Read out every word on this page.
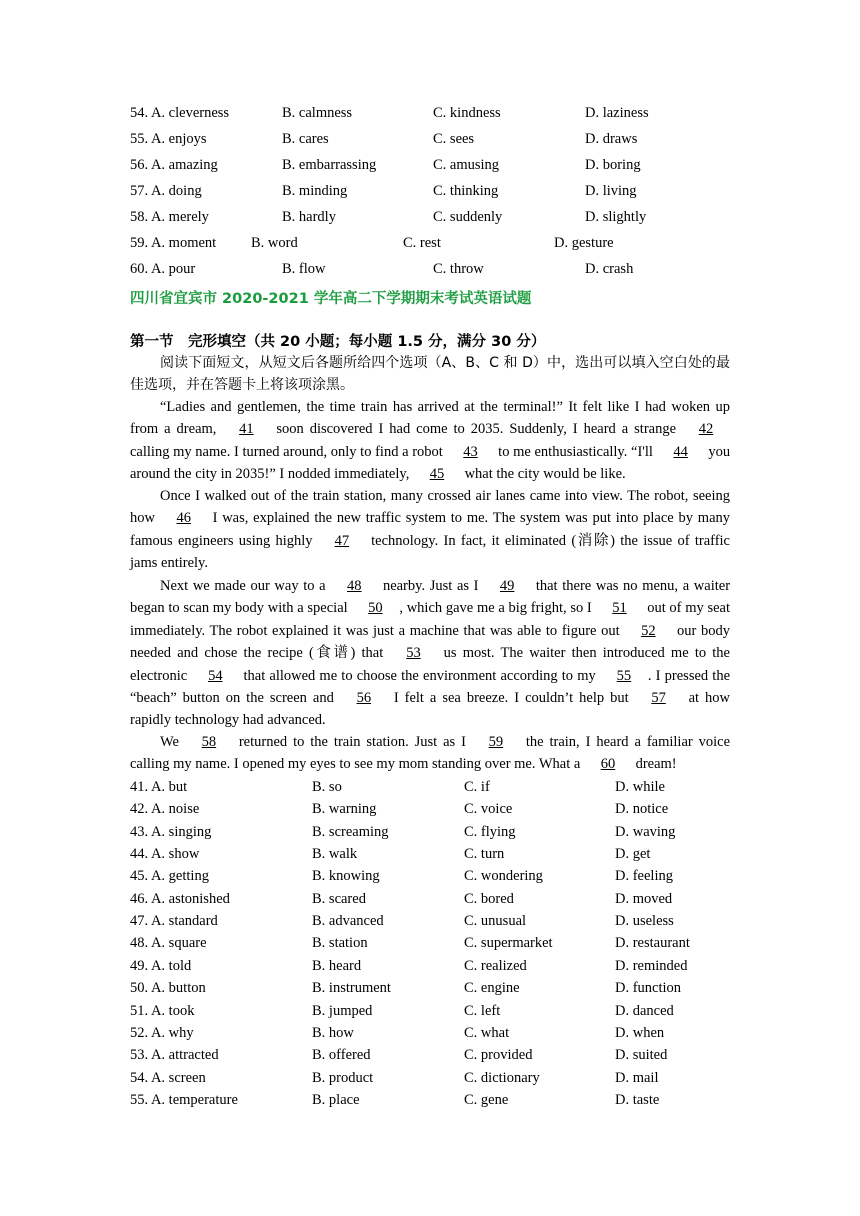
54. A. cleverness	B. calmness	C. kindness	D. laziness
55. A. enjoys	B. cares	C. sees	D. draws
56. A. amazing	B. embarrassing	C. amusing	D. boring
57. A. doing	B. minding	C. thinking	D. living
58. A. merely	B. hardly	C. suddenly	D. slightly
59. A. moment B. word	C. rest	D. gesture
60. A. pour	B. flow	C. throw	D. crash
四川省宜宾市 2020-2021 学年高二下学期期末考试英语试题
第一节　完形填空（共 20 小题；每小题 1.5 分，满分 30 分）
阅读下面短文，从短文后各题所给四个选项（A、B、C 和 D）中，选出可以填入空白处的最佳选项，并在答题卡上将该项涂黑。
“Ladies and gentlemen, the time train has arrived at the terminal!” It felt like I had woken up from a dream, 41 soon discovered I had come to 2035. Suddenly, I heard a strange 42 calling my name. I turned around, only to find a robot 43 to me enthusiastically. “I'll 44 you around the city in 2035!” I nodded immediately, 45 what the city would be like.
Once I walked out of the train station, many crossed air lanes came into view. The robot, seeing how 46 I was, explained the new traffic system to me. The system was put into place by many famous engineers using highly 47 technology. In fact, it eliminated (消除) the issue of traffic jams entirely.
Next we made our way to a 48 nearby. Just as I 49 that there was no menu, a waiter began to scan my body with a special 50 , which gave me a big fright, so I 51 out of my seat immediately. The robot explained it was just a machine that was able to figure out 52 our body needed and chose the recipe (食谱) that 53 us most. The waiter then introduced me to the electronic 54 that allowed me to choose the environment according to my 55 . I pressed the “beach” button on the screen and 56 I felt a sea breeze. I couldn’t help but 57 at how rapidly technology had advanced.
We 58 returned to the train station. Just as I 59 the train, I heard a familiar voice calling my name. I opened my eyes to see my mom standing over me. What a 60 dream!
41. A. but	B. so	C. if	D. while
42. A. noise	B. warning	C. voice	D. notice
43. A. singing	B. screaming	C. flying	D. waving
44. A. show	B. walk	C. turn	D. get
45. A. getting	B. knowing	C. wondering	D. feeling
46. A. astonished	B. scared	C. bored	D. moved
47. A. standard	B. advanced	C. unusual	D. useless
48. A. square	B. station	C. supermarket	D. restaurant
49. A. told	B. heard	C. realized	D. reminded
50. A. button	B. instrument	C. engine	D. function
51. A. took	B. jumped	C. left	D. danced
52. A. why	B. how	C. what	D. when
53. A. attracted	B. offered	C. provided	D. suited
54. A. screen	B. product	C. dictionary	D. mail
55. A. temperature	B. place	C. gene	D. taste
